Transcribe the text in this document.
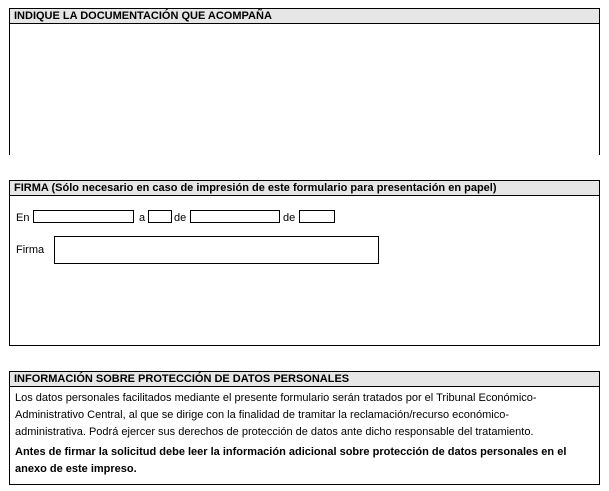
INDIQUE LA DOCUMENTACIÓN QUE ACOMPAÑA
FIRMA (Sólo necesario en caso de impresión de este formulario para presentación en papel)
En	a	de	de
Firma
INFORMACIÓN SOBRE PROTECCIÓN DE DATOS PERSONALES

Los datos personales facilitados mediante el presente formulario serán tratados por el Tribunal Económico-

Administrativo Central, al que se dirige con la finalidad de tramitar la reclamación/recurso económico-

administrativa. Podrá ejercer sus derechos de protección de datos ante dicho responsable del tratamiento.

Antes de firmar la solicitud debe leer la información adicional sobre protección de datos personales en el

anexo de este impreso.
